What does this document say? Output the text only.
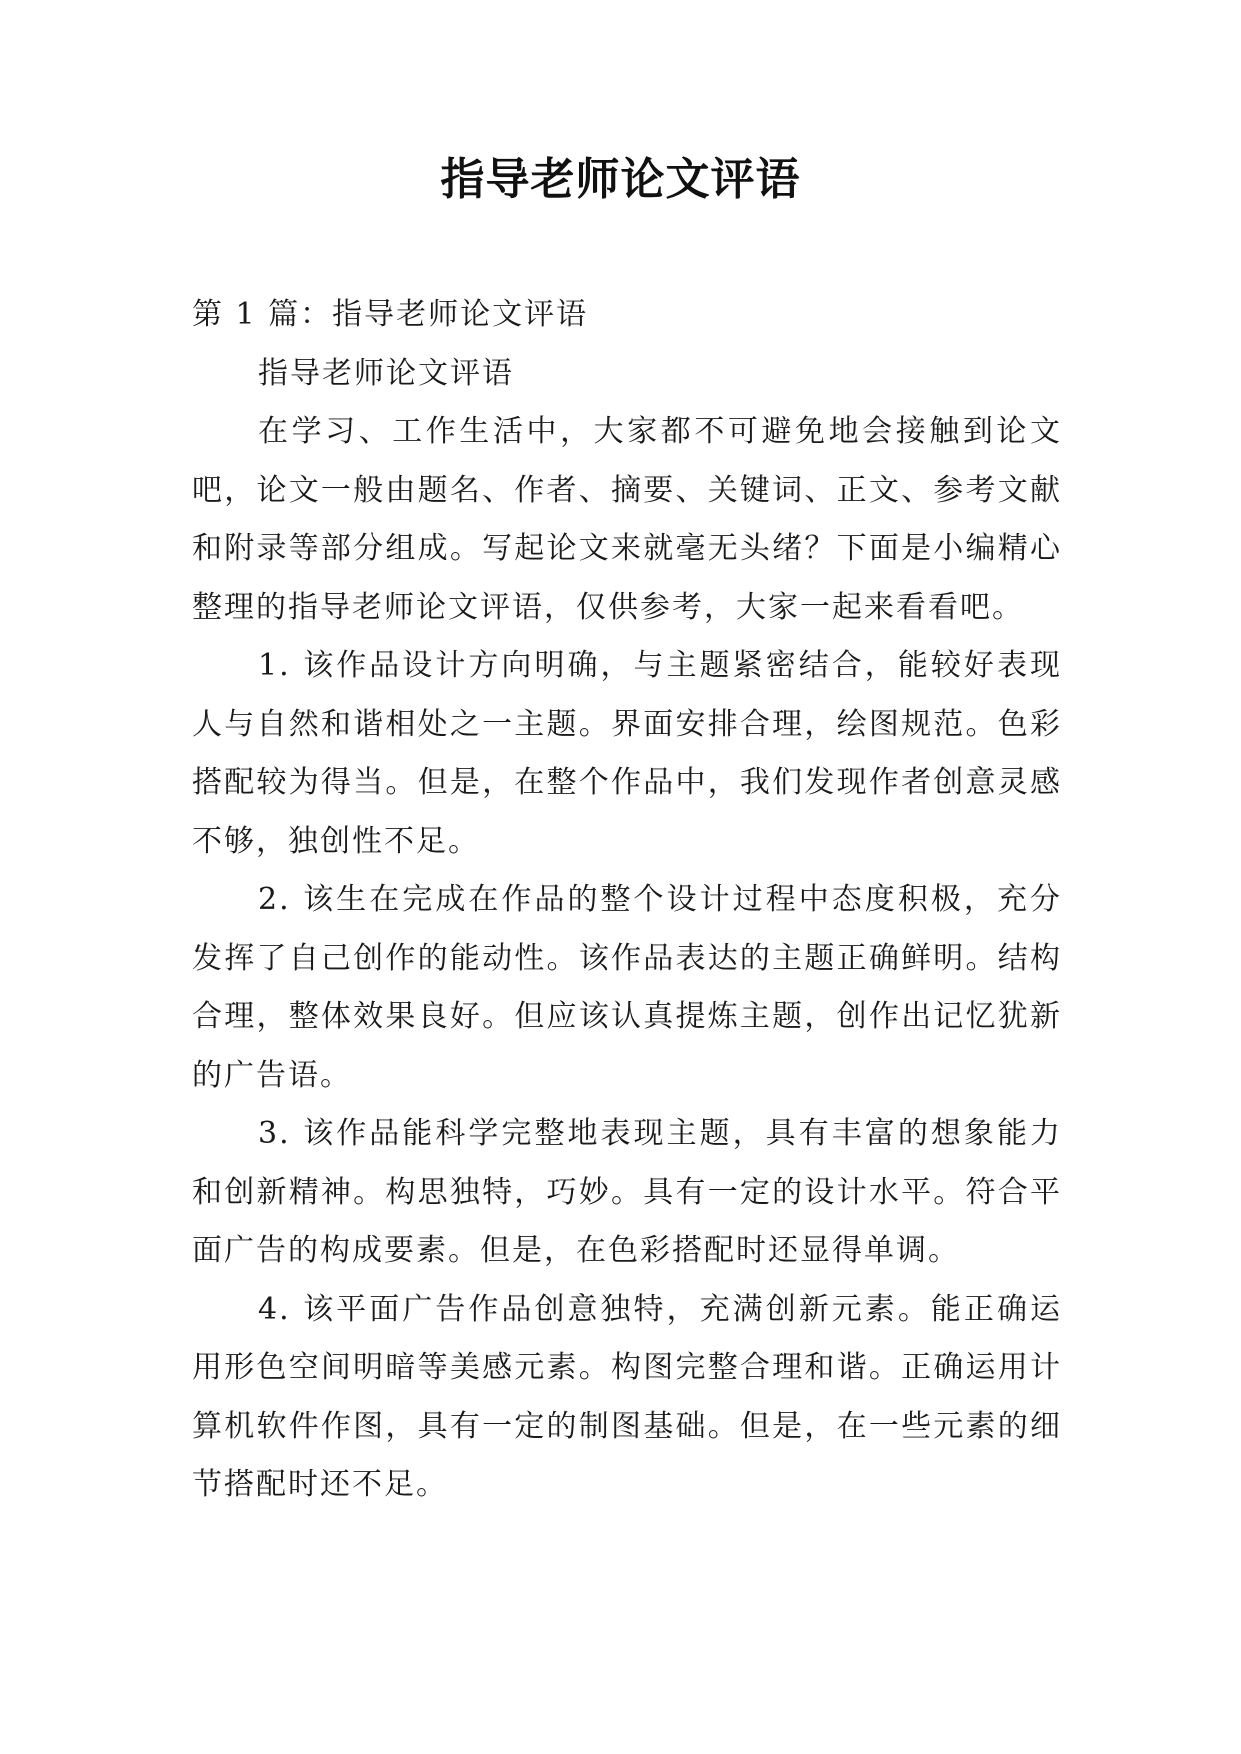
指导老师论文评语

第 1 篇：指导老师论文评语

指导老师论文评语

在学习、工作生活中，大家都不可避免地会接触到论文吧，论文一般由题名、作者、摘要、关键词、正文、参考文献和附录等部分组成。写起论文来就毫无头绪？下面是小编精心整理的指导老师论文评语，仅供参考，大家一起来看看吧。

1. 该作品设计方向明确，与主题紧密结合，能较好表现人与自然和谐相处之一主题。界面安排合理，绘图规范。色彩搭配较为得当。但是，在整个作品中，我们发现作者创意灵感不够，独创性不足。

2. 该生在完成在作品的整个设计过程中态度积极，充分发挥了自己创作的能动性。该作品表达的主题正确鲜明。结构合理，整体效果良好。但应该认真提炼主题，创作出记忆犹新的广告语。

3. 该作品能科学完整地表现主题，具有丰富的想象能力和创新精神。构思独特，巧妙。具有一定的设计水平。符合平面广告的构成要素。但是，在色彩搭配时还显得单调。

4. 该平面广告作品创意独特，充满创新元素。能正确运用形色空间明暗等美感元素。构图完整合理和谐。正确运用计算机软件作图，具有一定的制图基础。但是，在一些元素的细节搭配时还不足。
